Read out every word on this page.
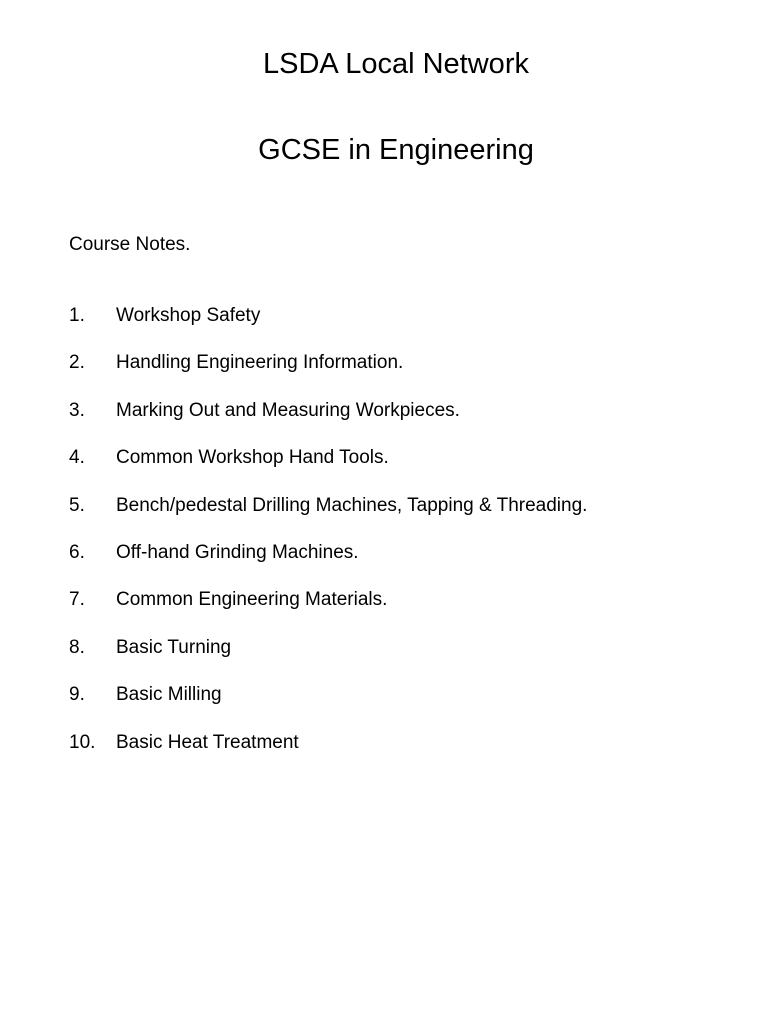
LSDA Local Network
GCSE in Engineering

Course Notes.

1. Workshop Safety
2. Handling Engineering Information.
3. Marking Out and Measuring Workpieces.
4. Common Workshop Hand Tools.
5. Bench/pedestal Drilling Machines, Tapping & Threading.
6. Off-hand Grinding Machines.
7. Common Engineering Materials.
8. Basic Turning
9. Basic Milling
10. Basic Heat Treatment
